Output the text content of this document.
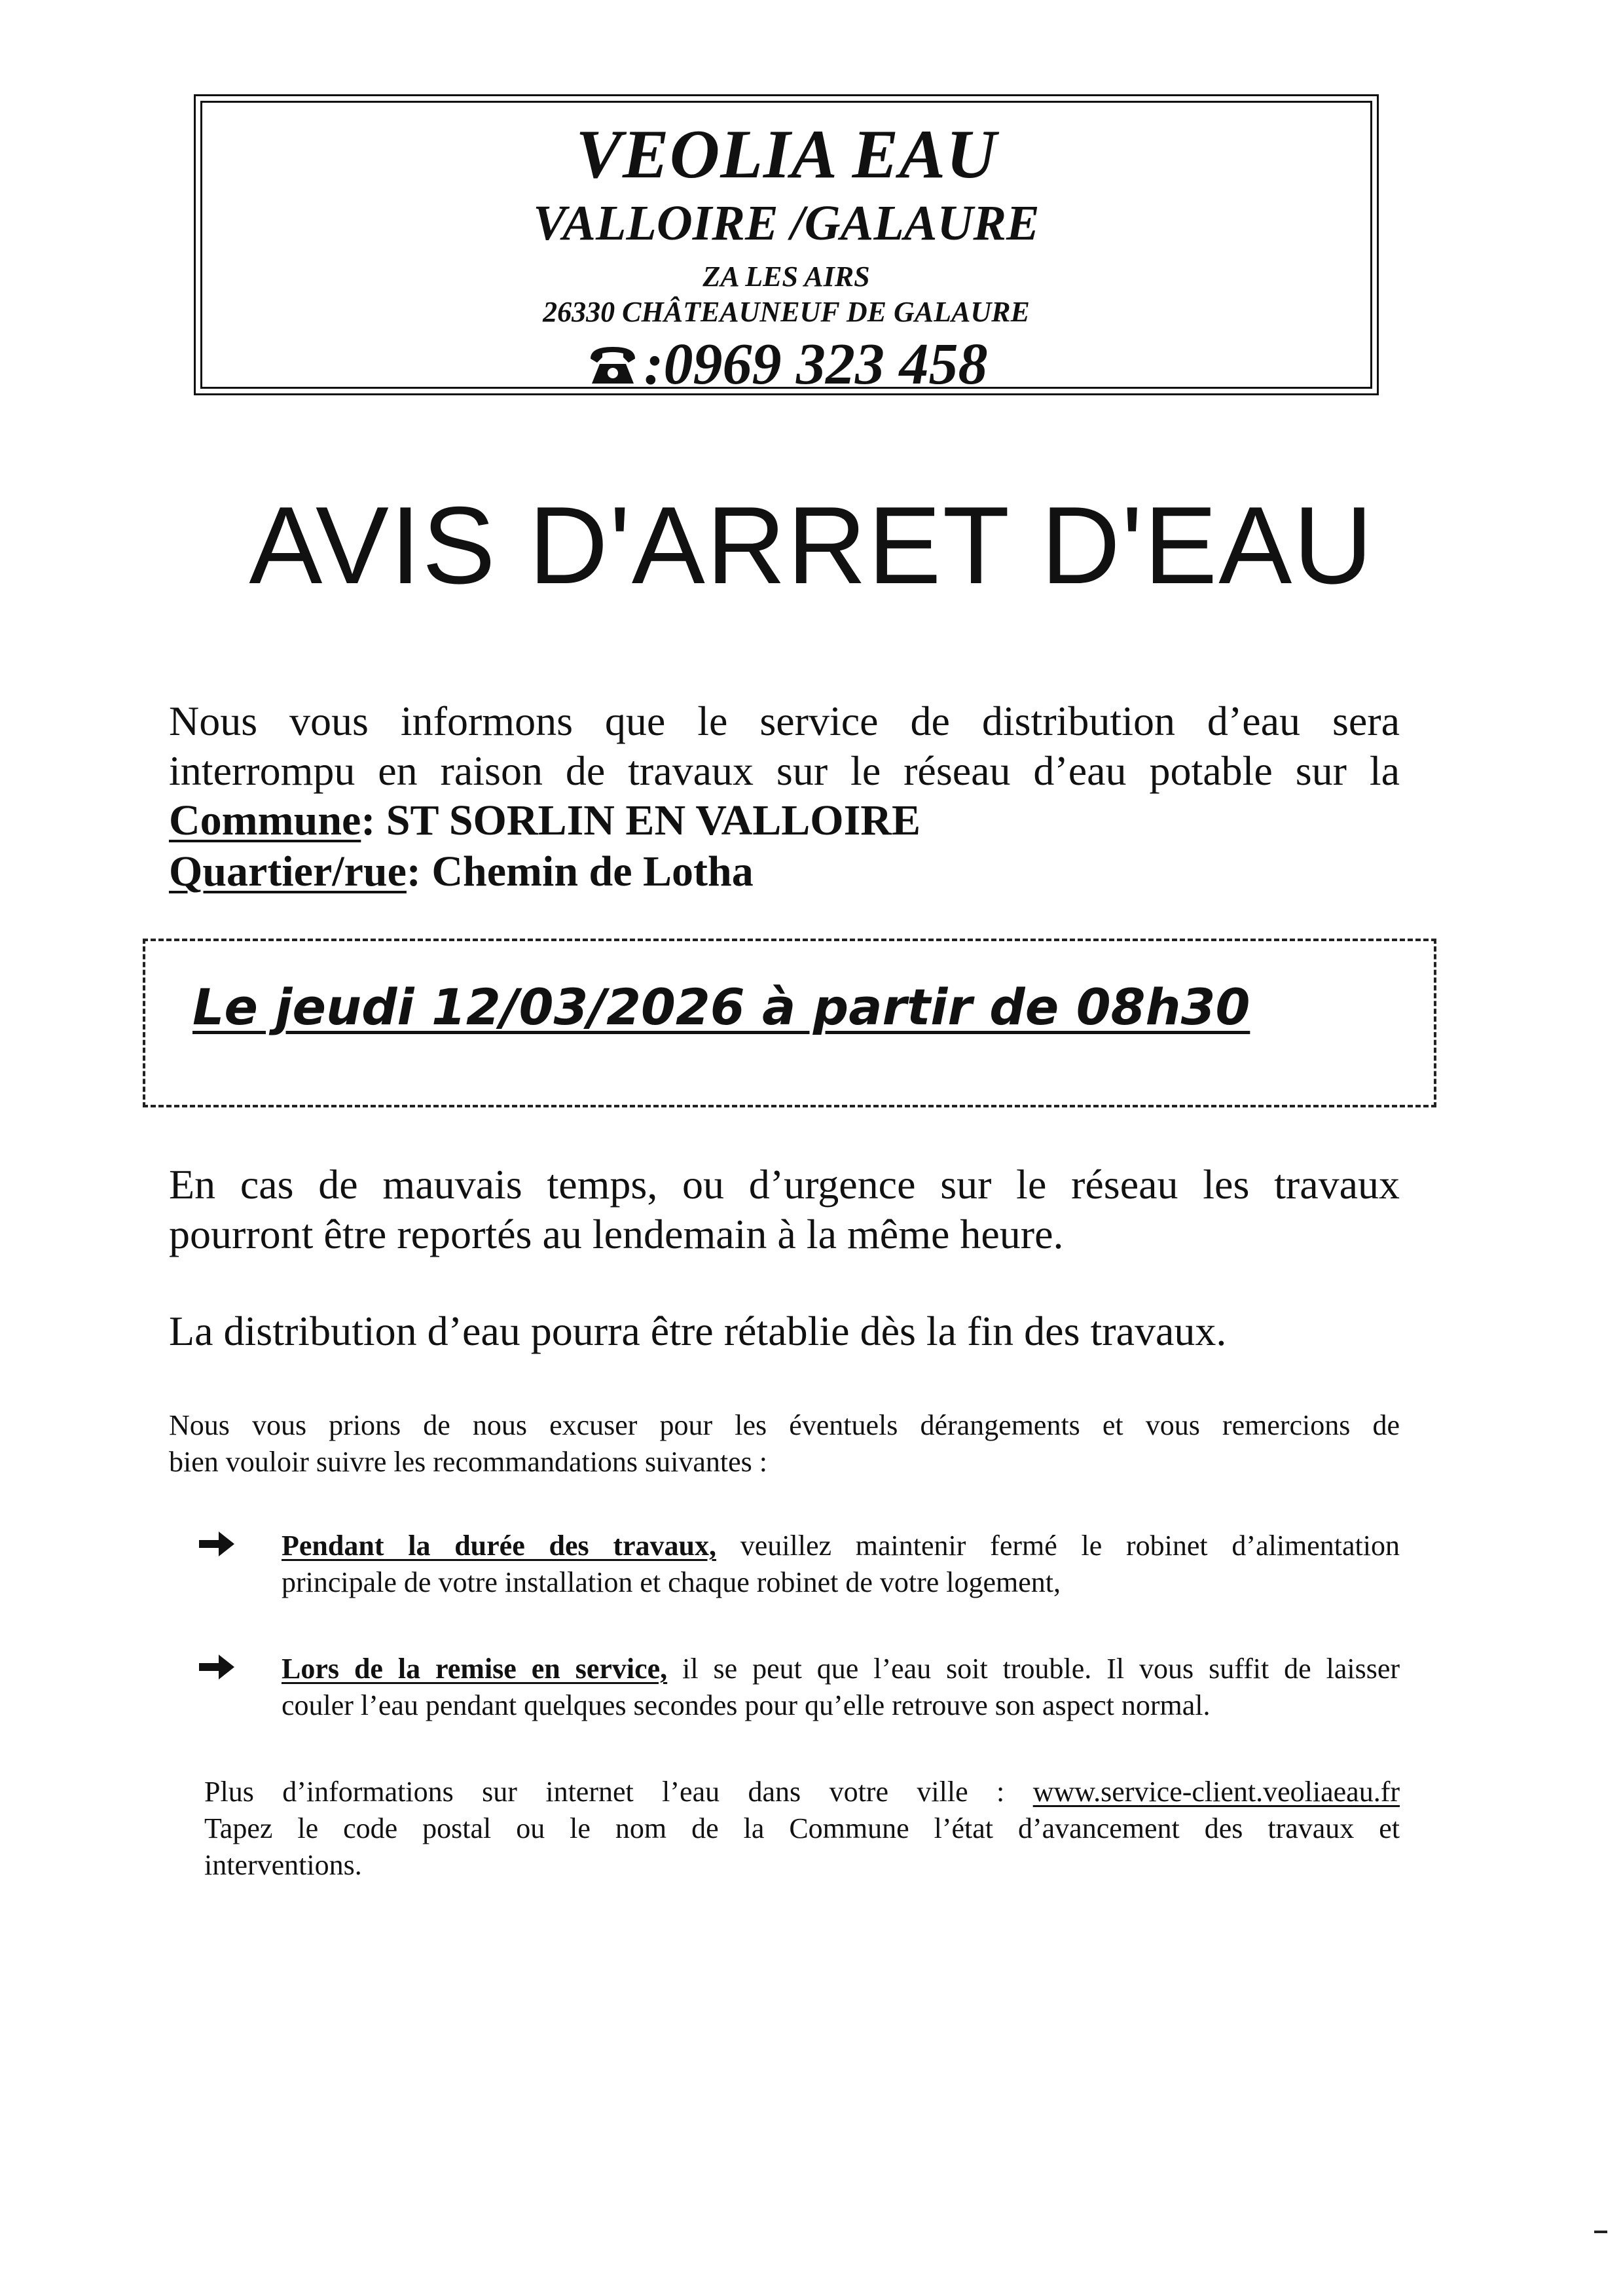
VEOLIA EAU
VALLOIRE /GALAURE
ZA LES AIRS
26330 CHÂTEAUNEUF DE GALAURE
: 0969 323 458
AVIS D'ARRET D'EAU
Nous vous informons que le service de distribution d’eau sera
interrompu en raison de travaux sur le réseau d’eau potable sur la
Commune: ST SORLIN EN VALLOIRE
Quartier/rue: Chemin de Lotha
Le jeudi 12/03/2026 à partir de 08h30
En cas de mauvais temps, ou d’urgence sur le réseau les travaux
pourront être reportés au lendemain à la même heure.
La distribution d’eau pourra être rétablie dès la fin des travaux.
Nous vous prions de nous excuser pour les éventuels dérangements et vous remercions de
bien vouloir suivre les recommandations suivantes :
Pendant la durée des travaux, veuillez maintenir fermé le robinet d’alimentation
principale de votre installation et chaque robinet de votre logement,
Lors de la remise en service, il se peut que l’eau soit trouble. Il vous suffit de laisser
couler l’eau pendant quelques secondes pour qu’elle retrouve son aspect normal.
Plus d’informations sur internet l’eau dans votre ville : www.service-client.veoliaeau.fr
Tapez le code postal ou le nom de la Commune l’état d’avancement des travaux et
interventions.
